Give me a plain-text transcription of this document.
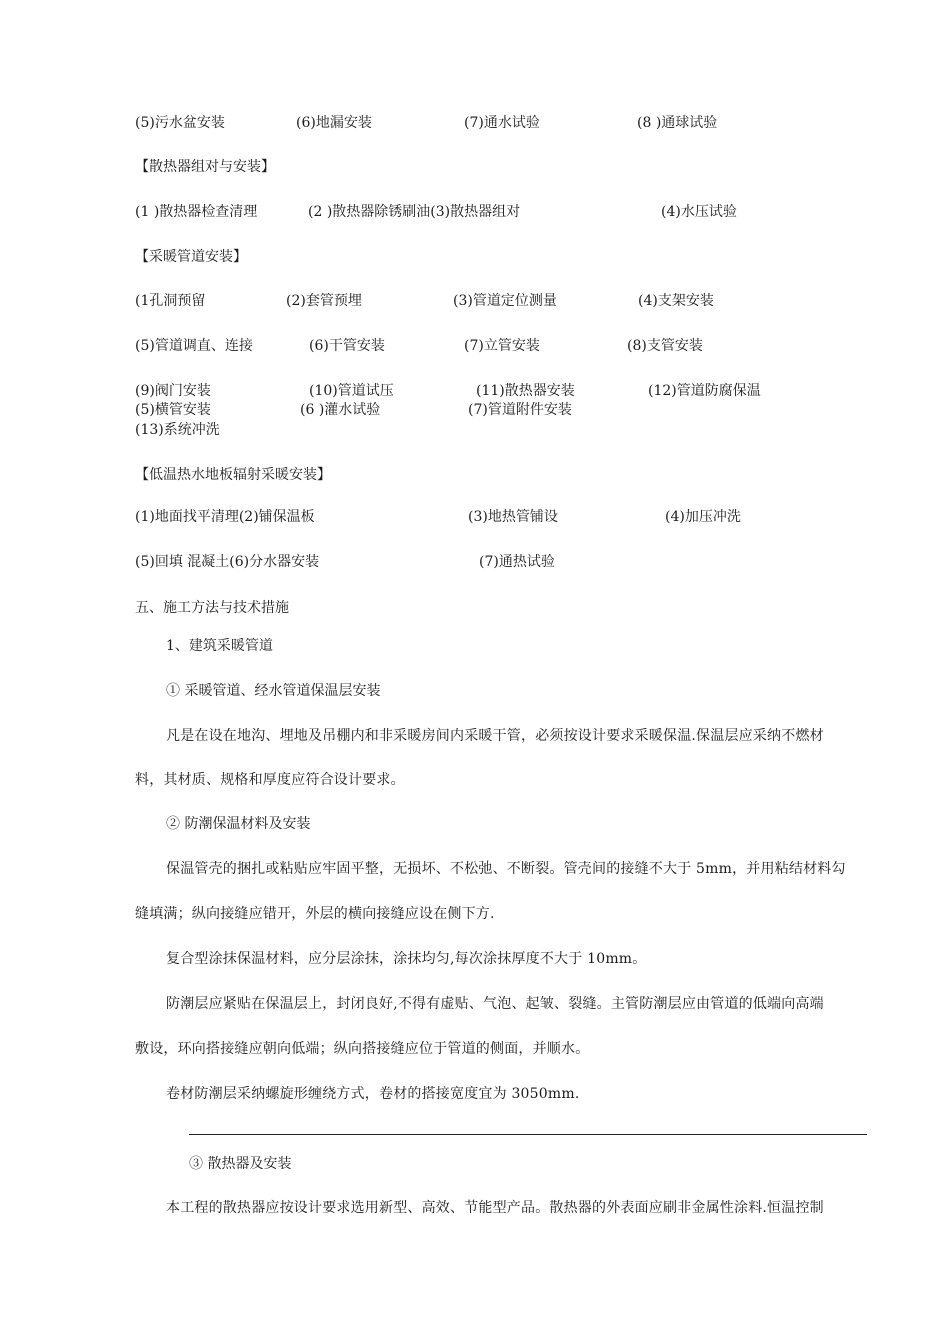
(5)污水盆安装	(6)地漏安装	(7)通水试验	(8 )通球试验
【散热器组对与安装】
(1 )散热器检查清理	(2 )散热器除锈刷油(3)散热器组对	(4)水压试验
【采暖管道安装】
(1孔洞预留	(2)套管预埋	(3)管道定位测量	(4)支架安装
(5)管道调直、连接	(6)干管安装	(7)立管安装	(8)支管安装
(9)阀门安装	(10)管道试压	(11)散热器安装	(12)管道防腐保温
(5)横管安装	(6 )灌水试验	(7)管道附件安装
(13)系统冲洗
【低温热水地板辐射采暖安装】
(1)地面找平清理(2)铺保温板	(3)地热管铺设	(4)加压冲洗
(5)回填 混凝土(6)分水器安装	(7)通热试验
五、施工方法与技术措施
1、建筑采暖管道
① 采暖管道、经水管道保温层安装
凡是在设在地沟、埋地及吊棚内和非采暖房间内采暖干管，必须按设计要求采暖保温.保温层应采纳不燃材
料，其材质、规格和厚度应符合设计要求。
② 防潮保温材料及安装
保温管壳的捆扎或粘贴应牢固平整，无损坏、不松弛、不断裂。管壳间的接缝不大于 5mm，并用粘结材料勾
缝填满；纵向接缝应错开，外层的横向接缝应设在侧下方.
复合型涂抹保温材料，应分层涂抹，涂抹均匀,每次涂抹厚度不大于 10mm。
防潮层应紧贴在保温层上，封闭良好,不得有虚贴、气泡、起皱、裂缝。主管防潮层应由管道的低端向高端
敷设，环向搭接缝应朝向低端；纵向搭接缝应位于管道的侧面，并顺水。
卷材防潮层采纳螺旋形缠绕方式，卷材的搭接宽度宜为 3050mm.
③ 散热器及安装
本工程的散热器应按设计要求选用新型、高效、节能型产品。散热器的外表面应刷非金属性涂料.恒温控制
